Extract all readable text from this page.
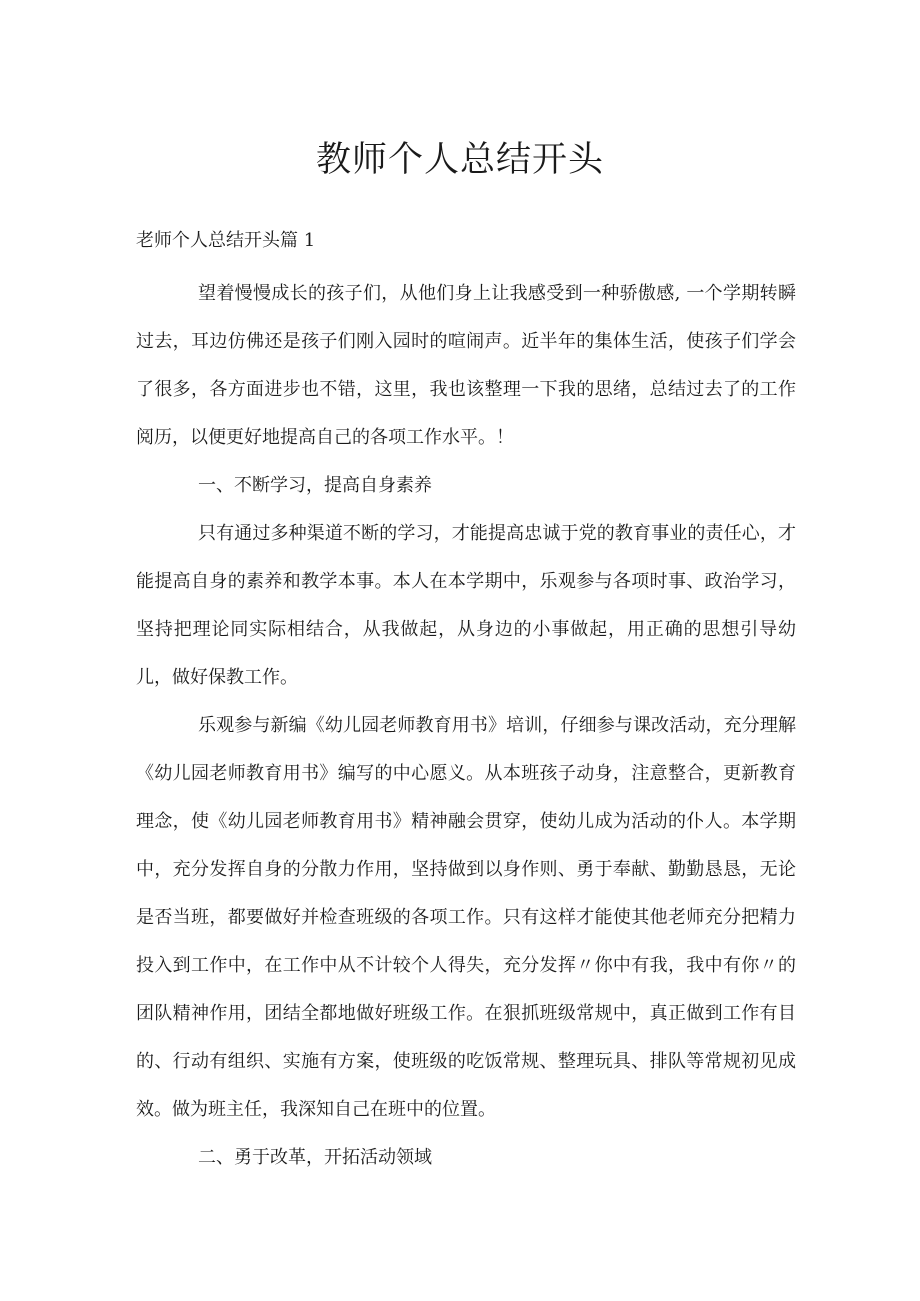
教师个人总结开头

老师个人总结开头篇 1

望着慢慢成长的孩子们，从他们身上让我感受到一种骄傲感, 一个学期转瞬过去，耳边仿佛还是孩子们刚入园时的喧闹声。近半年的集体生活，使孩子们学会了很多，各方面进步也不错，这里，我也该整理一下我的思绪，总结过去了的工作阅历，以便更好地提高自己的各项工作水平。！

一、不断学习，提高自身素养

只有通过多种渠道不断的学习，才能提高忠诚于党的教育事业的责任心，才能提高自身的素养和教学本事。本人在本学期中，乐观参与各项时事、政治学习，坚持把理论同实际相结合，从我做起，从身边的小事做起，用正确的思想引导幼儿，做好保教工作。

乐观参与新编《幼儿园老师教育用书》培训，仔细参与课改活动，充分理解《幼儿园老师教育用书》编写的中心愿义。从本班孩子动身，注意整合，更新教育理念，使《幼儿园老师教育用书》精神融会贯穿，使幼儿成为活动的仆人。本学期中，充分发挥自身的分散力作用，坚持做到以身作则、勇于奉献、勤勤恳恳，无论是否当班，都要做好并检查班级的各项工作。只有这样才能使其他老师充分把精力投入到工作中，在工作中从不计较个人得失，充分发挥〃你中有我，我中有你〃的团队精神作用，团结全都地做好班级工作。在狠抓班级常规中，真正做到工作有目的、行动有组织、实施有方案，使班级的吃饭常规、整理玩具、排队等常规初见成效。做为班主任，我深知自己在班中的位置。

二、勇于改革，开拓活动领域
